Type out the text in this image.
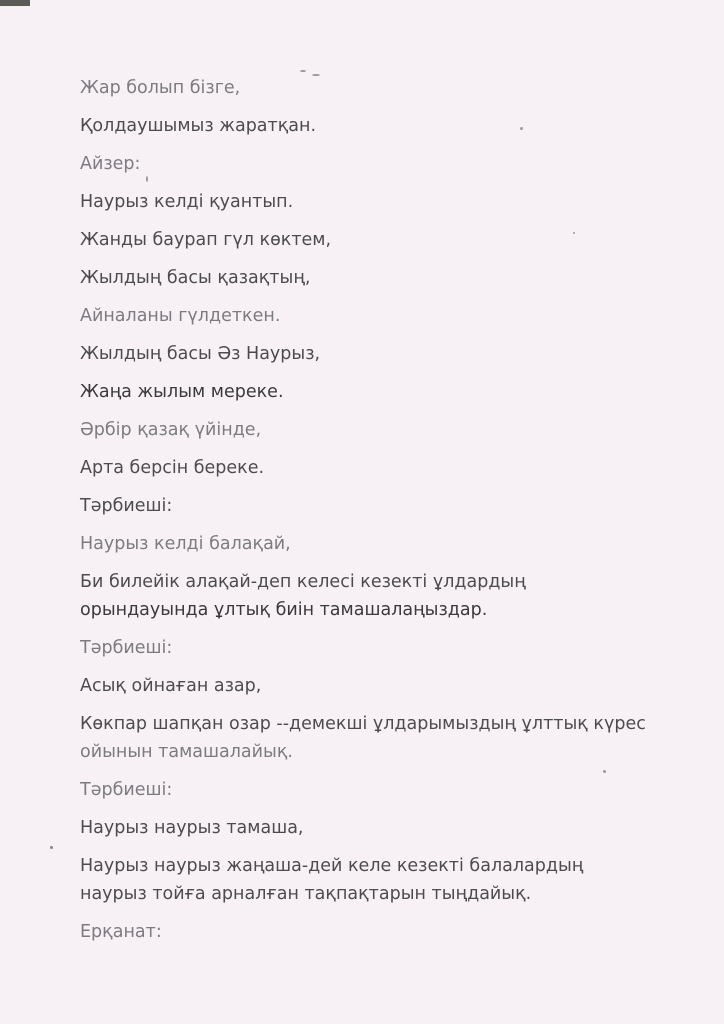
Жар болып бізге,
Қолдаушымыз жаратқан.
Айзер:
Наурыз келді қуантып.
Жанды баурап гүл көктем,
Жылдың басы қазақтың,
Айналаны гүлдеткен.
Жылдың басы Әз Наурыз,
Жаңа жылым мереке.
Әрбір қазақ үйінде,
Арта берсін береке.
Тәрбиеші:
Наурыз келді балақай,
Би билейік алақай-деп келесі кезекті ұлдардың
орындауында ұлтық биін тамашалаңыздар.
Тәрбиеші:
Асық ойнаған азар,
Көкпар шапқан озар --демекші ұлдарымыздың ұлттық күрес
ойынын тамашалайық.
Тәрбиеші:
Наурыз наурыз тамаша,
Наурыз наурыз жаңаша-дей келе кезекті балалардың
наурыз тойға арналған тақпақтарын тыңдайық.
Ерқанат:
